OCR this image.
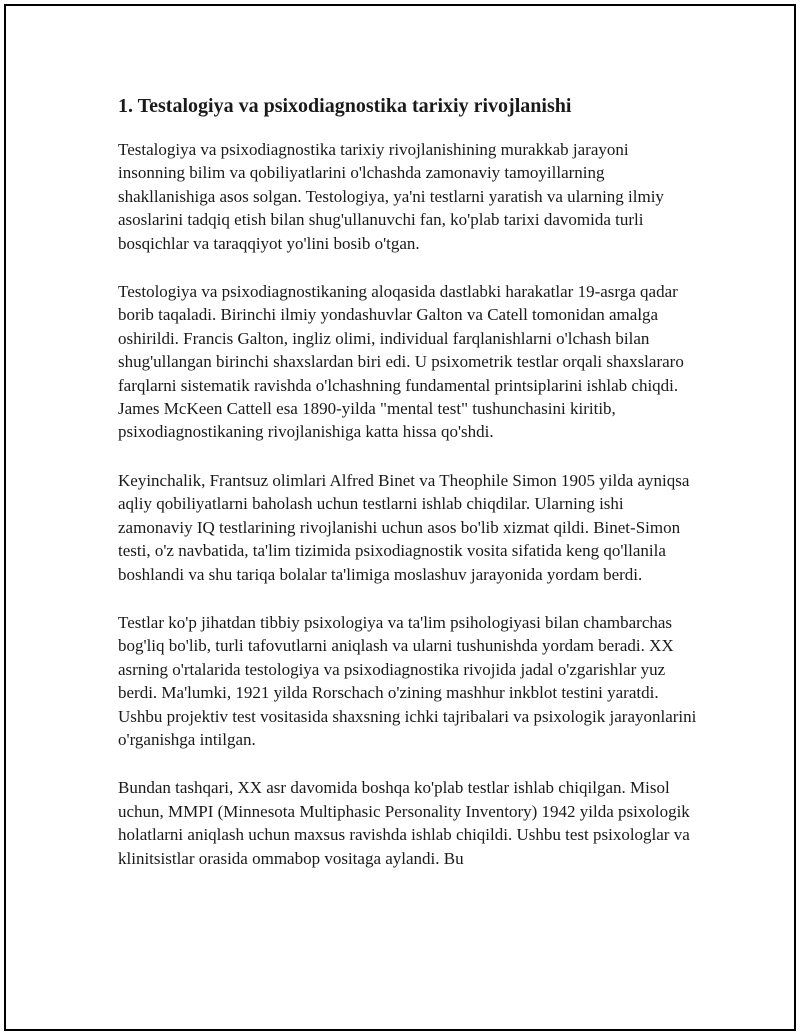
1. Testalogiya va psixodiagnostika tarixiy rivojlanishi

Testalogiya va psixodiagnostika tarixiy rivojlanishining murakkab jarayoni insonning bilim va qobiliyatlarini o'lchashda zamonaviy tamoyillarning shakllanishiga asos solgan. Testologiya, ya'ni testlarni yaratish va ularning ilmiy asoslarini tadqiq etish bilan shug'ullanuvchi fan, ko'plab tarixi davomida turli bosqichlar va taraqqiyot yo'lini bosib o'tgan.

Testologiya va psixodiagnostikaning aloqasida dastlabki harakatlar 19-asrga qadar borib taqaladi. Birinchi ilmiy yondashuvlar Galton va Catell tomonidan amalga oshirildi. Francis Galton, ingliz olimi, individual farqlanishlarni o'lchash bilan shug'ullangan birinchi shaxslardan biri edi. U psixometrik testlar orqali shaxslararo farqlarni sistematik ravishda o'lchashning fundamental printsiplarini ishlab chiqdi. James McKeen Cattell esa 1890-yilda "mental test" tushunchasini kiritib, psixodiagnostikaning rivojlanishiga katta hissa qo'shdi.

Keyinchalik, Frantsuz olimlari Alfred Binet va Theophile Simon 1905 yilda ayniqsa aqliy qobiliyatlarni baholash uchun testlarni ishlab chiqdilar. Ularning ishi zamonaviy IQ testlarining rivojlanishi uchun asos bo'lib xizmat qildi. Binet-Simon testi, o'z navbatida, ta'lim tizimida psixodiagnostik vosita sifatida keng qo'llanila boshlandi va shu tariqa bolalar ta'limiga moslashuv jarayonida yordam berdi.

Testlar ko'p jihatdan tibbiy psixologiya va ta'lim psihologiyasi bilan chambarchas bog'liq bo'lib, turli tafovutlarni aniqlash va ularni tushunishda yordam beradi. XX asrning o'rtalarida testologiya va psixodiagnostika rivojida jadal o'zgarishlar yuz berdi. Ma'lumki, 1921 yilda Rorschach o'zining mashhur inkblot testini yaratdi. Ushbu projektiv test vositasida shaxsning ichki tajribalari va psixologik jarayonlarini o'rganishga intilgan.

Bundan tashqari, XX asr davomida boshqa ko'plab testlar ishlab chiqilgan. Misol uchun, MMPI (Minnesota Multiphasic Personality Inventory) 1942 yilda psixologik holatlarni aniqlash uchun maxsus ravishda ishlab chiqildi. Ushbu test psixologlar va klinitsistlar orasida ommabop vositaga aylandi. Bu
